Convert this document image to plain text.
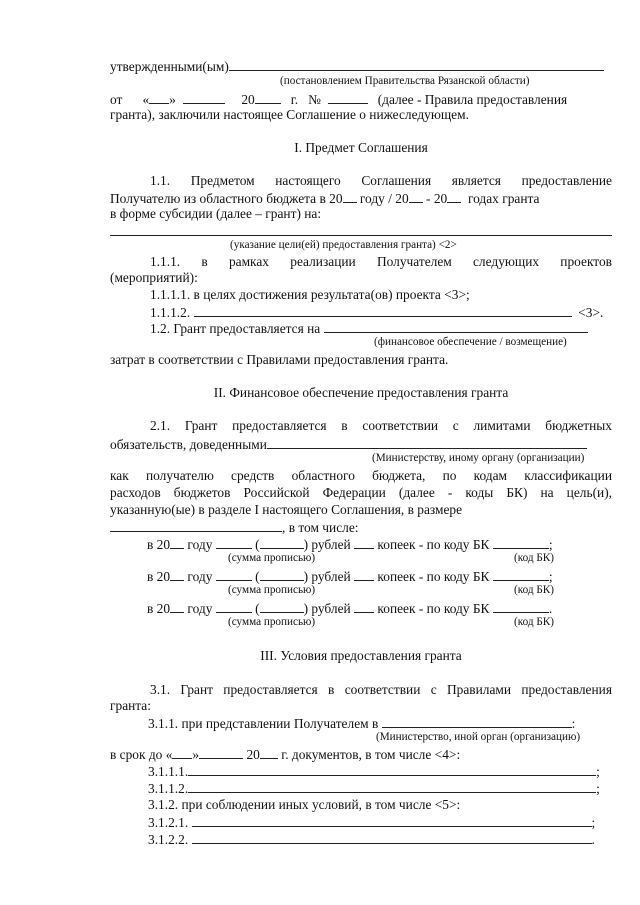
утвержденными(ым)
(постановлением Правительства Рязанской области)
от « »	20	г. №	(далее - Правила предоставления
гранта), заключили настоящее Соглашение о нижеследующем.
I. Предмет Соглашения
1.1. Предметом настоящего Соглашения является предоставление
Получателю из областного бюджета в 20 году / 20 - 20 годах гранта
в форме субсидии (далее – грант) на:
(указание цели(ей) предоставления гранта) <2>
1.1.1. в рамках реализации Получателем следующих проектов
(мероприятий):
1.1.1.1. в целях достижения результата(ов) проекта <3>;
1.1.1.2.	<3>.
1.2. Грант предоставляется на
(финансовое обеспечение / возмещение)
затрат в соответствии с Правилами предоставления гранта.
II. Финансовое обеспечение предоставления гранта
2.1. Грант предоставляется в соответствии с лимитами бюджетных
обязательств, доведенными
(Министерству, иному органу (организации)
как получателю средств областного бюджета, по кодам классификации
расходов бюджетов Российской Федерации (далее - коды БК) на цель(и),
указанную(ые) в разделе I настоящего Соглашения, в размере
, в том числе:
в 20 году	(	) рублей копеек - по коду БК	;
(сумма прописью)	(код БК)
в 20 году	(	) рублей копеек - по коду БК	;
(сумма прописью)	(код БК)
в 20 году	(	) рублей копеек - по коду БК	.
(сумма прописью)	(код БК)
III. Условия предоставления гранта
3.1. Грант предоставляется в соответствии с Правилами предоставления
гранта:
3.1.1. при представлении Получателем в	:
(Министерство, иной орган (организацию)
в срок до « »	20 г. документов, в том числе <4>:
3.1.1.1.	;
3.1.1.2.	;
3.1.2. при соблюдении иных условий, в том числе <5>:
3.1.2.1.	;
3.1.2.2.	.
